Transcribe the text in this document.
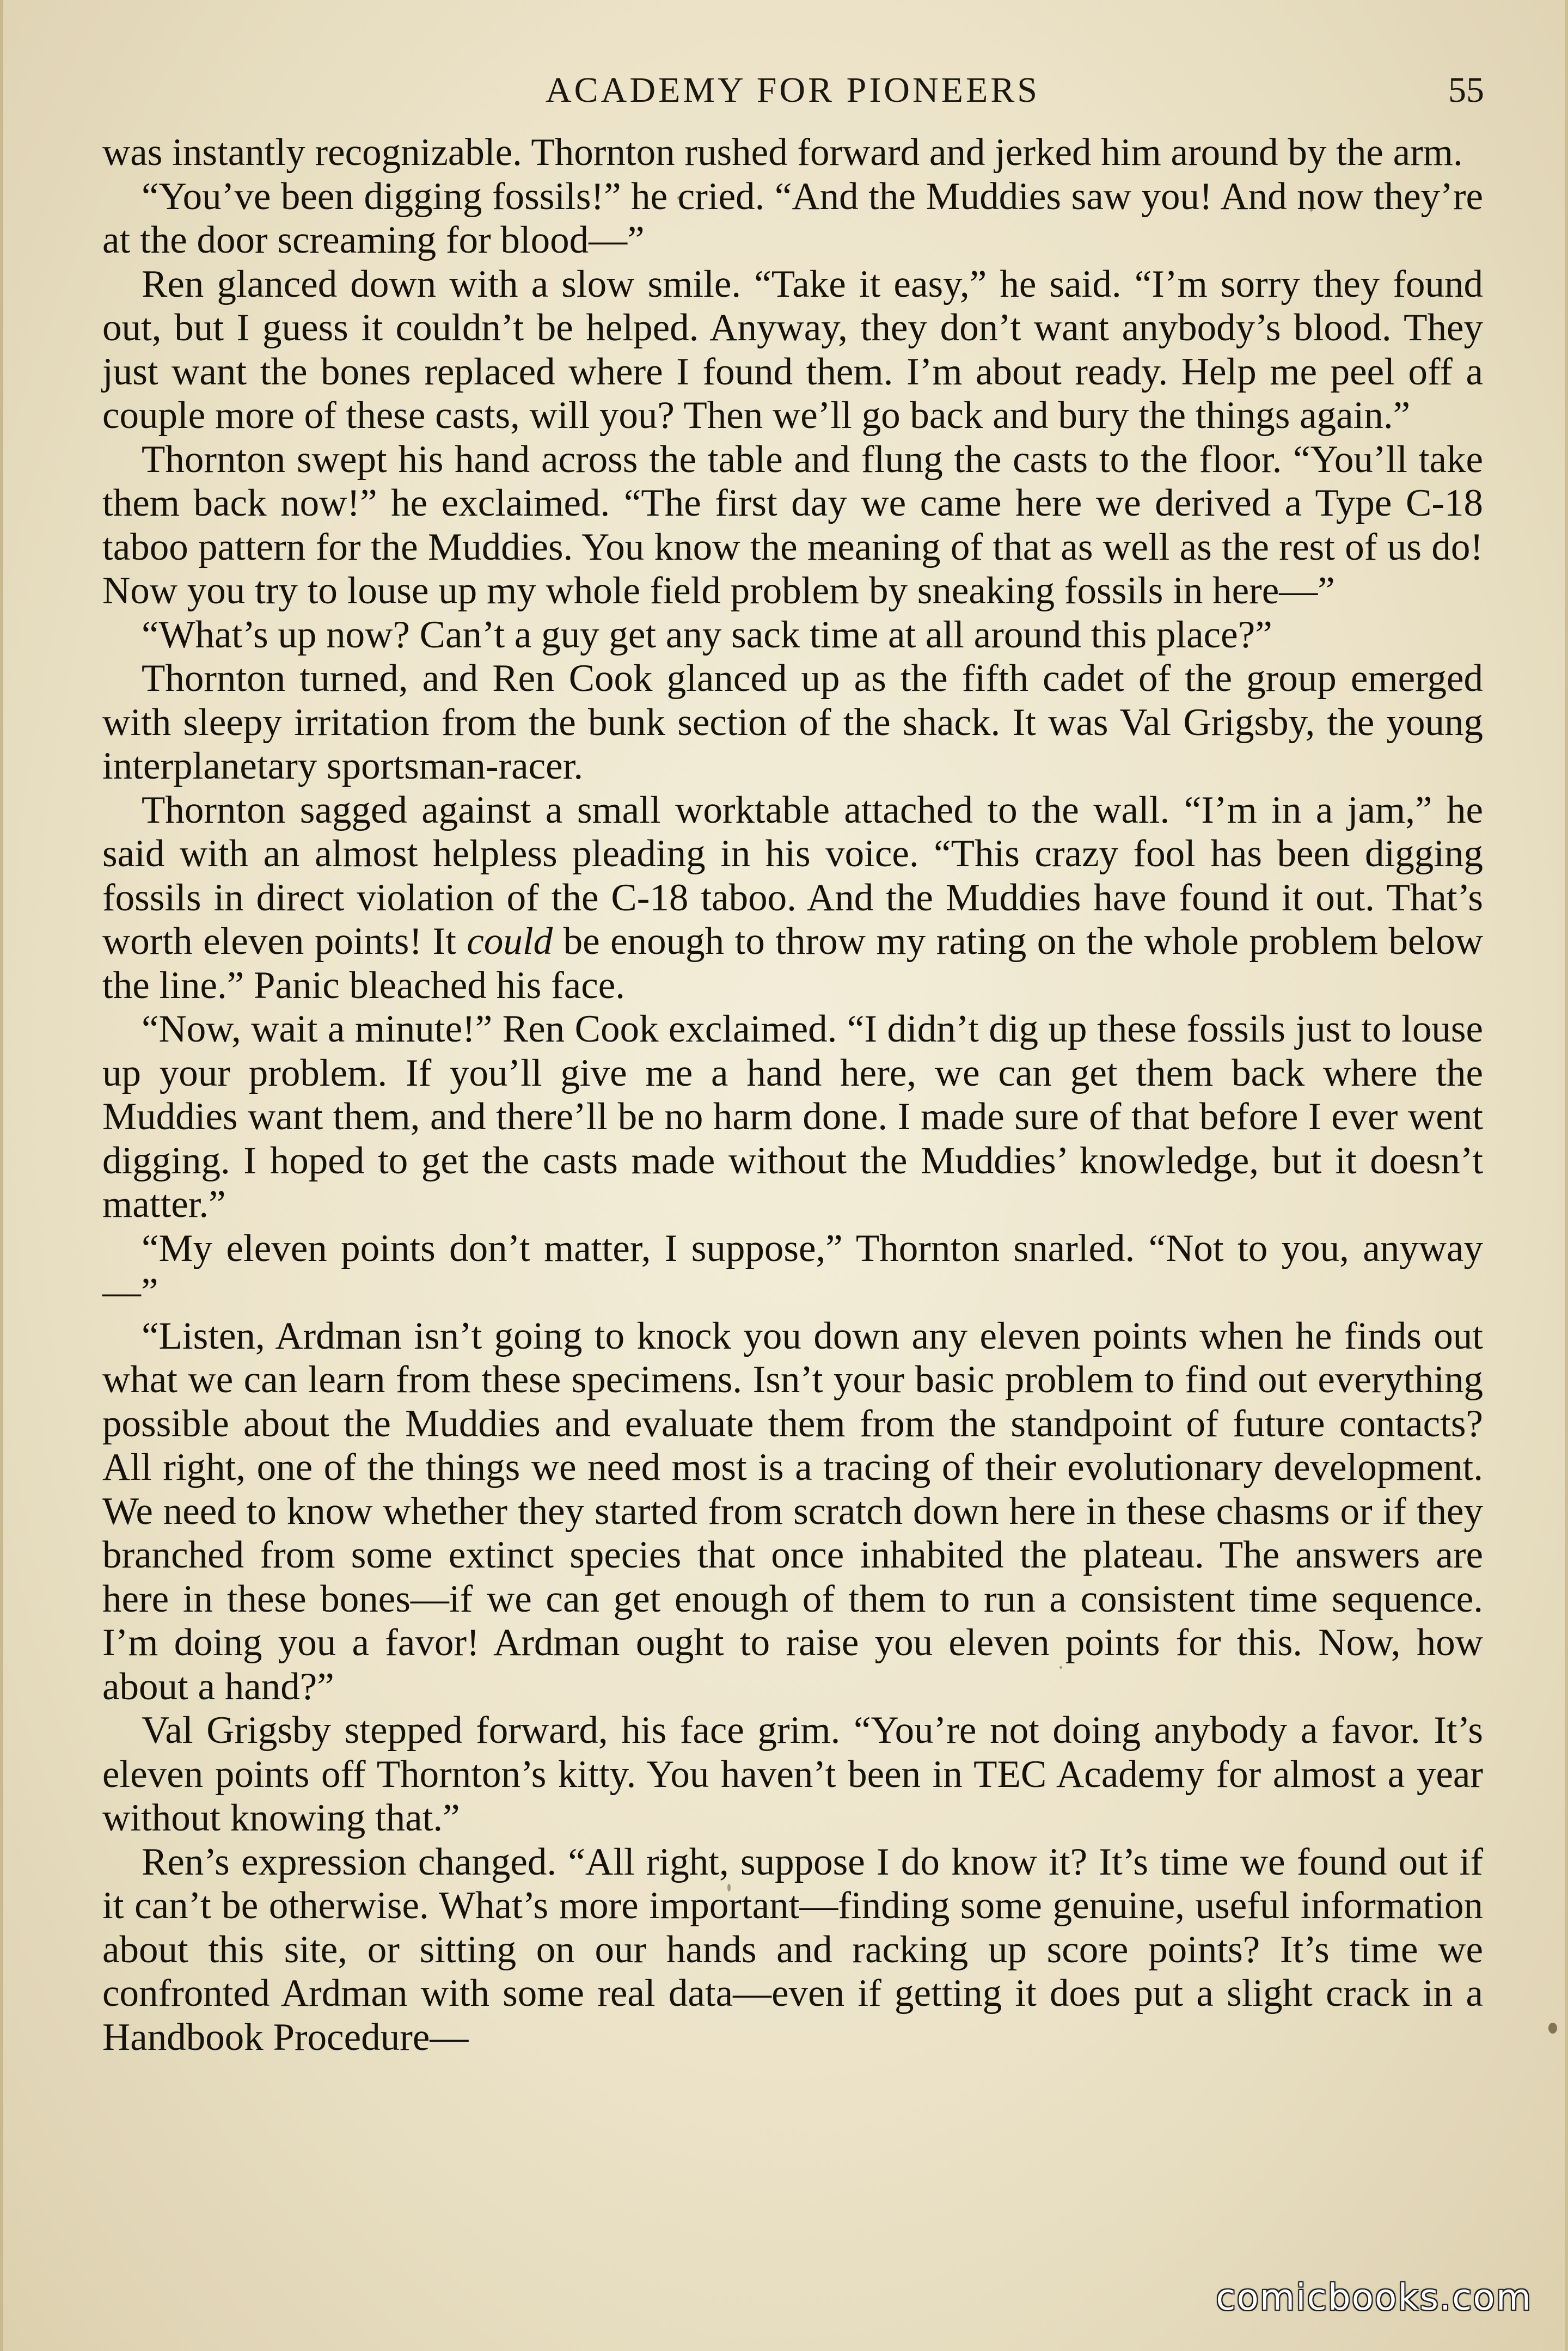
ACADEMY FOR PIONEERS	55

was instantly recognizable. Thornton rushed forward and jerked him around by the arm.

“You’ve been digging fossils!” he cried. “And the Muddies saw you! And now they’re at the door screaming for blood—”

Ren glanced down with a slow smile. “Take it easy,” he said. “I’m sorry they found out, but I guess it couldn’t be helped. Anyway, they don’t want anybody’s blood. They just want the bones replaced where I found them. I’m about ready. Help me peel off a couple more of these casts, will you? Then we’ll go back and bury the things again.”

Thornton swept his hand across the table and flung the casts to the floor. “You’ll take them back now!” he exclaimed. “The first day we came here we derived a Type C-18 taboo pattern for the Muddies. You know the meaning of that as well as the rest of us do! Now you try to louse up my whole field problem by sneaking fossils in here—”

“What’s up now? Can’t a guy get any sack time at all around this place?”

Thornton turned, and Ren Cook glanced up as the fifth cadet of the group emerged with sleepy irritation from the bunk section of the shack. It was Val Grigsby, the young interplanetary sportsman-racer.

Thornton sagged against a small worktable attached to the wall. “I’m in a jam,” he said with an almost helpless pleading in his voice. “This crazy fool has been digging fossils in direct violation of the C-18 taboo. And the Muddies have found it out. That’s worth eleven points! It could be enough to throw my rating on the whole problem below the line.” Panic bleached his face.

“Now, wait a minute!” Ren Cook exclaimed. “I didn’t dig up these fossils just to louse up your problem. If you’ll give me a hand here, we can get them back where the Muddies want them, and there’ll be no harm done. I made sure of that before I ever went digging. I hoped to get the casts made without the Muddies’ knowledge, but it doesn’t matter.”

“My eleven points don’t matter, I suppose,” Thornton snarled. “Not to you, anyway—”

“Listen, Ardman isn’t going to knock you down any eleven points when he finds out what we can learn from these specimens. Isn’t your basic problem to find out everything possible about the Muddies and evaluate them from the standpoint of future contacts? All right, one of the things we need most is a tracing of their evolutionary development. We need to know whether they started from scratch down here in these chasms or if they branched from some extinct species that once inhabited the plateau. The answers are here in these bones—if we can get enough of them to run a consistent time sequence. I’m doing you a favor! Ardman ought to raise you eleven points for this. Now, how about a hand?”

Val Grigsby stepped forward, his face grim. “You’re not doing anybody a favor. It’s eleven points off Thornton’s kitty. You haven’t been in TEC Academy for almost a year without knowing that.”

Ren’s expression changed. “All right, suppose I do know it? It’s time we found out if it can’t be otherwise. What’s more important—finding some genuine, useful information about this site, or sitting on our hands and racking up score points? It’s time we confronted Ardman with some real data—even if getting it does put a slight crack in a Handbook Procedure—

comicbooks.com
